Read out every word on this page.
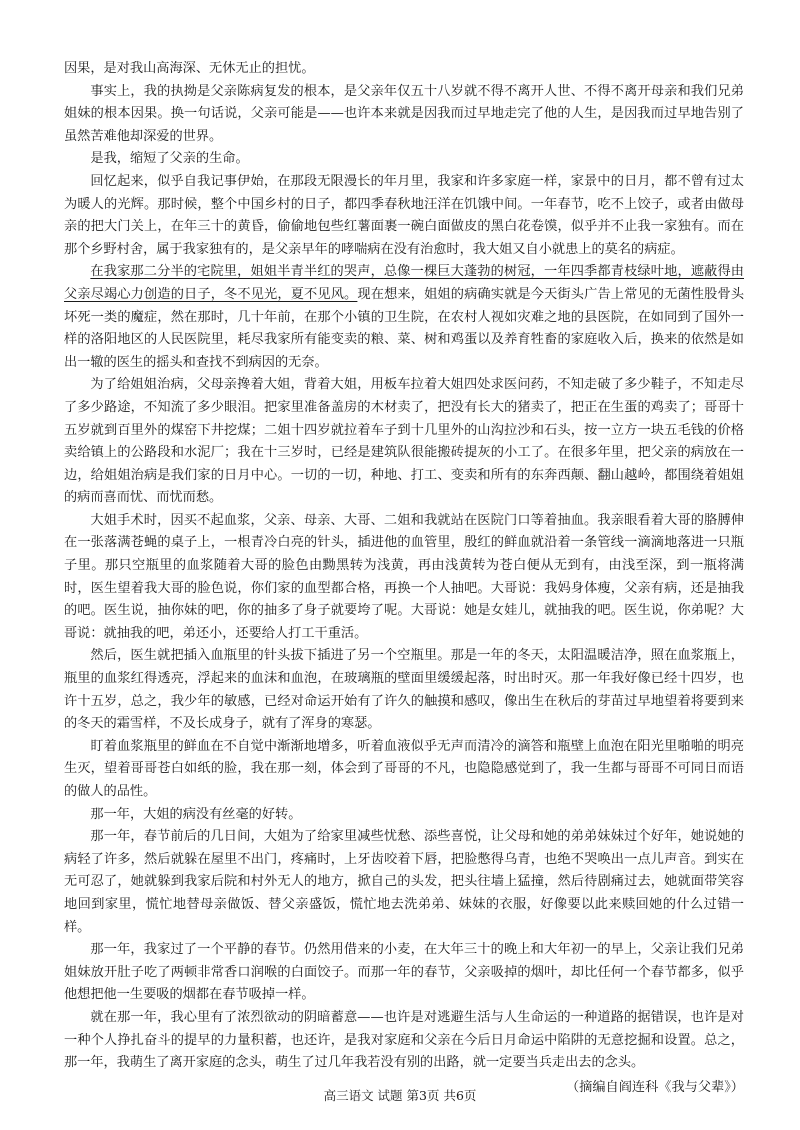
因果，是对我山高海深、无休无止的担忧。

事实上，我的执拗是父亲陈病复发的根本，是父亲年仅五十八岁就不得不离开人世、不得不离开母亲和我们兄弟姐妹的根本因果。换一句话说，父亲可能是——也许本来就是因我而过早地走完了他的人生，是因我而过早地告别了虽然苦难他却深爱的世界。

是我，缩短了父亲的生命。

回忆起来，似乎自我记事伊始，在那段无限漫长的年月里，我家和许多家庭一样，家景中的日月，都不曾有过太为暖人的光辉。那时候，整个中国乡村的日子，都四季春秋地汪洋在饥饿中间。一年春节，吃不上饺子，或者由做母亲的把大门关上，在年三十的黄昏，偷偷地包些红薯面裹一碗白面做皮的黑白花卷馍，似乎并不止我一家独有。而在那个乡野村舍，属于我家独有的，是父亲早年的哮喘病在没有治愈时，我大姐又自小就患上的莫名的病症。

在我家那二分半的宅院里，姐姐半青半红的哭声，总像一棵巨大蓬勃的树冠，一年四季都青枝绿叶地，遮蔽得由父亲尽竭心力创造的日子，冬不见光，夏不见风。现在想来，姐姐的病确实就是今天街头广告上常见的无菌性股骨头坏死一类的魔症，然在那时，几十年前，在那个小镇的卫生院，在农村人视如灾难之地的县医院，在如同到了国外一样的洛阳地区的人民医院里，耗尽我家所有能变卖的粮、菜、树和鸡蛋以及养育牲畜的家庭收入后，换来的依然是如出一辙的医生的摇头和查找不到病因的无奈。

为了给姐姐治病，父母亲搀着大姐，背着大姐，用板车拉着大姐四处求医问药，不知走破了多少鞋子，不知走尽了多少路途，不知流了多少眼泪。把家里准备盖房的木材卖了，把没有长大的猪卖了，把正在生蛋的鸡卖了；哥哥十五岁就到百里外的煤窑下井挖煤；二姐十四岁就拉着车子到十几里外的山沟拉沙和石头，按一立方一块五毛钱的价格卖给镇上的公路段和水泥厂；我在十三岁时，已经是建筑队很能搬砖提灰的小工了。在很多年里，把父亲的病放在一边，给姐姐治病是我们家的日月中心。一切的一切，种地、打工、变卖和所有的东奔西颠、翻山越岭，都围绕着姐姐的病而喜而忧、而忧而愁。

大姐手术时，因买不起血浆，父亲、母亲、大哥、二姐和我就站在医院门口等着抽血。我亲眼看着大哥的胳膊伸在一张落满苍蝇的桌子上，一根青冷白亮的针头，插进他的血管里，殷红的鲜血就沿着一条管线一滴滴地落进一只瓶子里。那只空瓶里的血浆随着大哥的脸色由黝黑转为浅黄，再由浅黄转为苍白便从无到有，由浅至深，到一瓶将满时，医生望着我大哥的脸色说，你们家的血型都合格，再换一个人抽吧。大哥说：我妈身体瘦，父亲有病，还是抽我的吧。医生说，抽你妹的吧，你的抽多了身子就要垮了呢。大哥说：她是女娃儿，就抽我的吧。医生说，你弟呢？大哥说：就抽我的吧，弟还小，还要给人打工干重活。

然后，医生就把插入血瓶里的针头拔下插进了另一个空瓶里。那是一年的冬天，太阳温暖洁净，照在血浆瓶上，瓶里的血浆红得透亮，浮起来的血沫和血泡，在玻璃瓶的壁面里缓缓起落，时出时灭。那一年我好像已经十四岁，也许十五岁，总之，我少年的敏感，已经对命运开始有了许久的触摸和感叹，像出生在秋后的芽苗过早地望着将要到来的冬天的霜雪样，不及长成身子，就有了浑身的寒瑟。

盯着血浆瓶里的鲜血在不自觉中渐渐地增多，听着血液似乎无声而清冷的滴答和瓶壁上血泡在阳光里啪啪的明亮生灭，望着哥哥苍白如纸的脸，我在那一刻，体会到了哥哥的不凡，也隐隐感觉到了，我一生都与哥哥不可同日而语的做人的品性。

那一年，大姐的病没有丝毫的好转。

那一年，春节前后的几日间，大姐为了给家里减些忧愁、添些喜悦，让父母和她的弟弟妹妹过个好年，她说她的病轻了许多，然后就躲在屋里不出门，疼痛时，上牙齿咬着下唇，把脸憋得乌青，也绝不哭唤出一点儿声音。到实在无可忍了，她就躲到我家后院和村外无人的地方，掀自己的头发，把头往墙上猛撞，然后待剧痛过去，她就面带笑容地回到家里，慌忙地替母亲做饭、替父亲盛饭，慌忙地去洗弟弟、妹妹的衣服，好像要以此来赎回她的什么过错一样。

那一年，我家过了一个平静的春节。仍然用借来的小麦，在大年三十的晚上和大年初一的早上，父亲让我们兄弟姐妹放开肚子吃了两顿非常香口润喉的白面饺子。而那一年的春节，父亲吸掉的烟叶，却比任何一个春节都多，似乎他想把他一生要吸的烟都在春节吸掉一样。

就在那一年，我心里有了浓烈欲动的阴暗蓄意——也许是对逃避生活与人生命运的一种道路的据错误，也许是对一种个人挣扎奋斗的提早的力量积蓄，也还许，是我对家庭和父亲在今后日月命运中陷阱的无意挖掘和设置。总之，那一年，我萌生了离开家庭的念头，萌生了过几年我若没有别的出路，就一定要当兵走出去的念头。

（摘编自阎连科《我与父辈》）

高三语文 试题 第3页 共6页
